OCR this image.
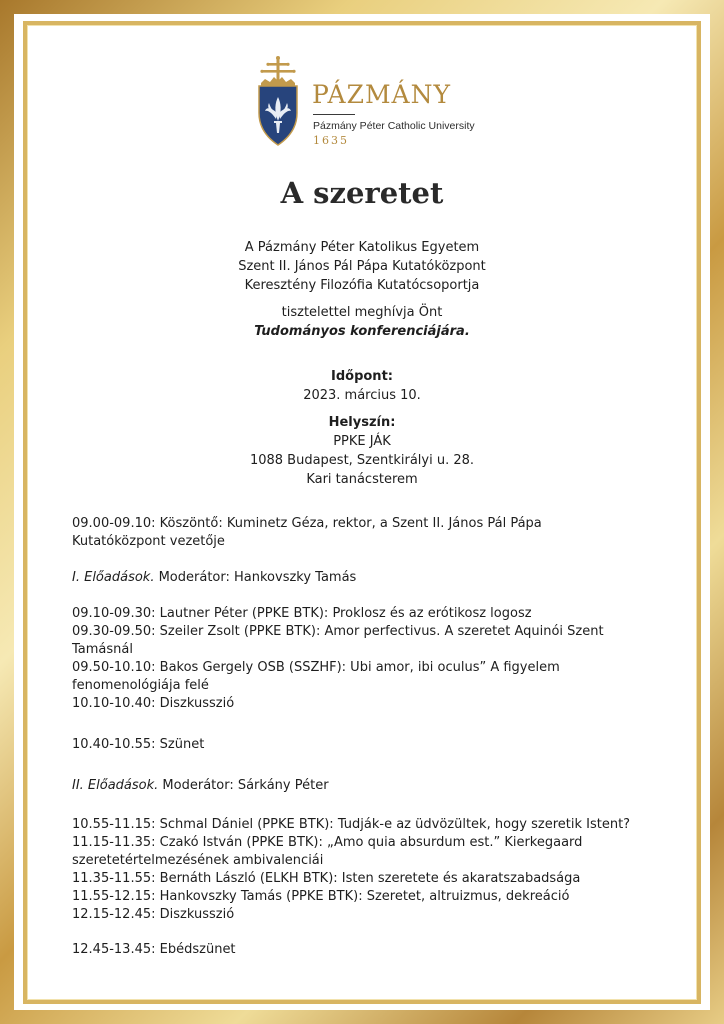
PÁZMÁNY
Pázmány Péter Catholic University
1635
A szeretet
A Pázmány Péter Katolikus Egyetem
Szent II. János Pál Pápa Kutatóközpont
Keresztény Filozófia Kutatócsoportja
tisztelettel meghívja Önt
Tudományos konferenciájára.
Időpont:
2023. március 10.
Helyszín:
PPKE JÁK
1088 Budapest, Szentkirályi u. 28.
Kari tanácsterem
09.00-09.10: Köszöntő: Kuminetz Géza, rektor, a Szent II. János Pál Pápa
Kutatóközpont vezetője
I. Előadások. Moderátor: Hankovszky Tamás
09.10-09.30: Lautner Péter (PPKE BTK): Proklosz és az erótikosz logosz
09.30-09.50: Szeiler Zsolt (PPKE BTK): Amor perfectivus. A szeretet Aquinói Szent
Tamásnál
09.50-10.10: Bakos Gergely OSB (SSZHF): Ubi amor, ibi oculus” A figyelem
fenomenológiája felé
10.10-10.40: Diszkusszió
10.40-10.55: Szünet
II. Előadások. Moderátor: Sárkány Péter
10.55-11.15: Schmal Dániel (PPKE BTK): Tudják-e az üdvözültek, hogy szeretik Istent?
11.15-11.35: Czakó István (PPKE BTK): „Amo quia absurdum est.” Kierkegaard
szeretetértelmezésének ambivalenciái
11.35-11.55: Bernáth László (ELKH BTK): Isten szeretete és akaratszabadsága
11.55-12.15: Hankovszky Tamás (PPKE BTK): Szeretet, altruizmus, dekreáció
12.15-12.45: Diszkusszió
12.45-13.45: Ebédszünet
